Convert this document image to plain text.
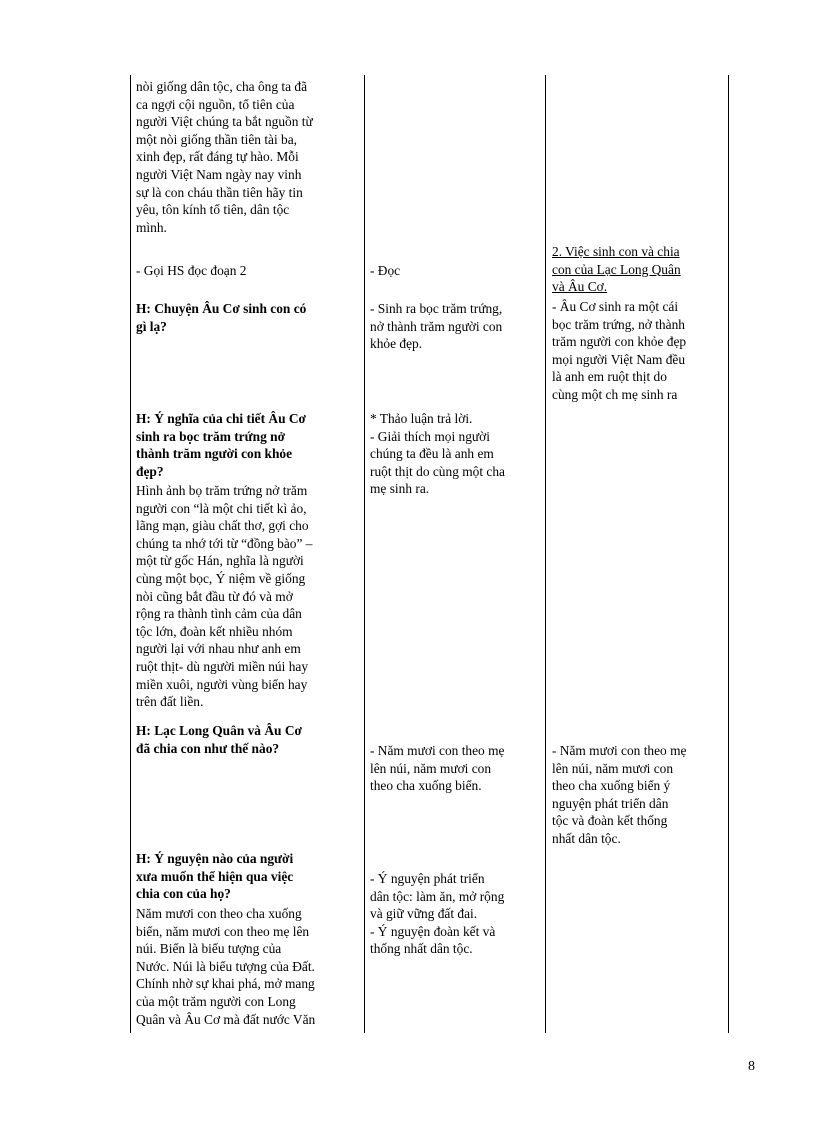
nòi giống dân tộc, cha ông ta đã

ca ngợi cội nguồn, tổ tiên của

người Việt chúng ta bắt nguồn từ

một nòi giống thần tiên tài ba,

xinh đẹp, rất đáng tự hào. Mỗi

người Việt Nam ngày nay vinh

sự là con cháu thần tiên hãy tin

yêu, tôn kính tổ tiên, dân tộc

mình.

- Gọi HS đọc đoạn 2

H: Chuyện Âu Cơ sinh con có

gì lạ?

H: Ý nghĩa của chi tiết Âu Cơ

sinh ra bọc trăm trứng nở

thành trăm người con khỏe

đẹp?

Hình ảnh bọ trăm trứng nở trăm

người con “là một chi tiết kì ảo,

lãng mạn, giàu chất thơ, gợi cho

chúng ta nhớ tới từ “đồng bào” –

một từ gốc Hán, nghĩa là người

cùng một bọc, Ý niệm về giống

nòi cũng bắt đầu từ đó và mở

rộng ra thành tình cảm của dân

tộc lớn, đoàn kết nhiều nhóm

người lại với nhau như anh em

ruột thịt- dù người miền núi hay

miền xuôi, người vùng biển hay

trên đất liền.

H: Lạc Long Quân và Âu Cơ

đã chia con như thế nào?

H: Ý nguyện nào của người

xưa muốn thể hiện qua việc

chia con của họ?

Năm mươi con theo cha xuống

biển, năm mươi con theo mẹ lên

núi. Biển là biểu tượng của

Nước. Núi là biểu tượng của Đất.

Chính nhờ sự khai phá, mở mang

của một trăm người con Long

Quân và Âu Cơ mà đất nước Văn

- Đọc

- Sinh ra bọc trăm trứng,

nở thành trăm người con

khỏe đẹp.

* Thảo luận trả lời.

- Giải thích mọi người

chúng ta đều là anh em

ruột thịt do cùng một cha

mẹ sinh ra.

- Năm mươi con theo mẹ

lên núi, năm mươi con

theo cha xuống biển.

- Ý nguyện phát triển

dân tộc: làm ăn, mở rộng

và giữ vững đất đai.

- Ý nguyện đoàn kết và

thống nhất dân tộc.

2. Việc sinh con và chia

con của Lạc Long Quân

và Âu Cơ.

- Âu Cơ sinh ra một cái

bọc trăm trứng, nở thành

trăm người con khỏe đẹp

mọi người Việt Nam đều

là anh em ruột thịt do

cùng một ch mẹ sinh ra

- Năm mươi con theo mẹ

lên núi, năm mươi con

theo cha xuống biển ý

nguyện phát triển dân

tộc và đoàn kết thống

nhất dân tộc.

8
